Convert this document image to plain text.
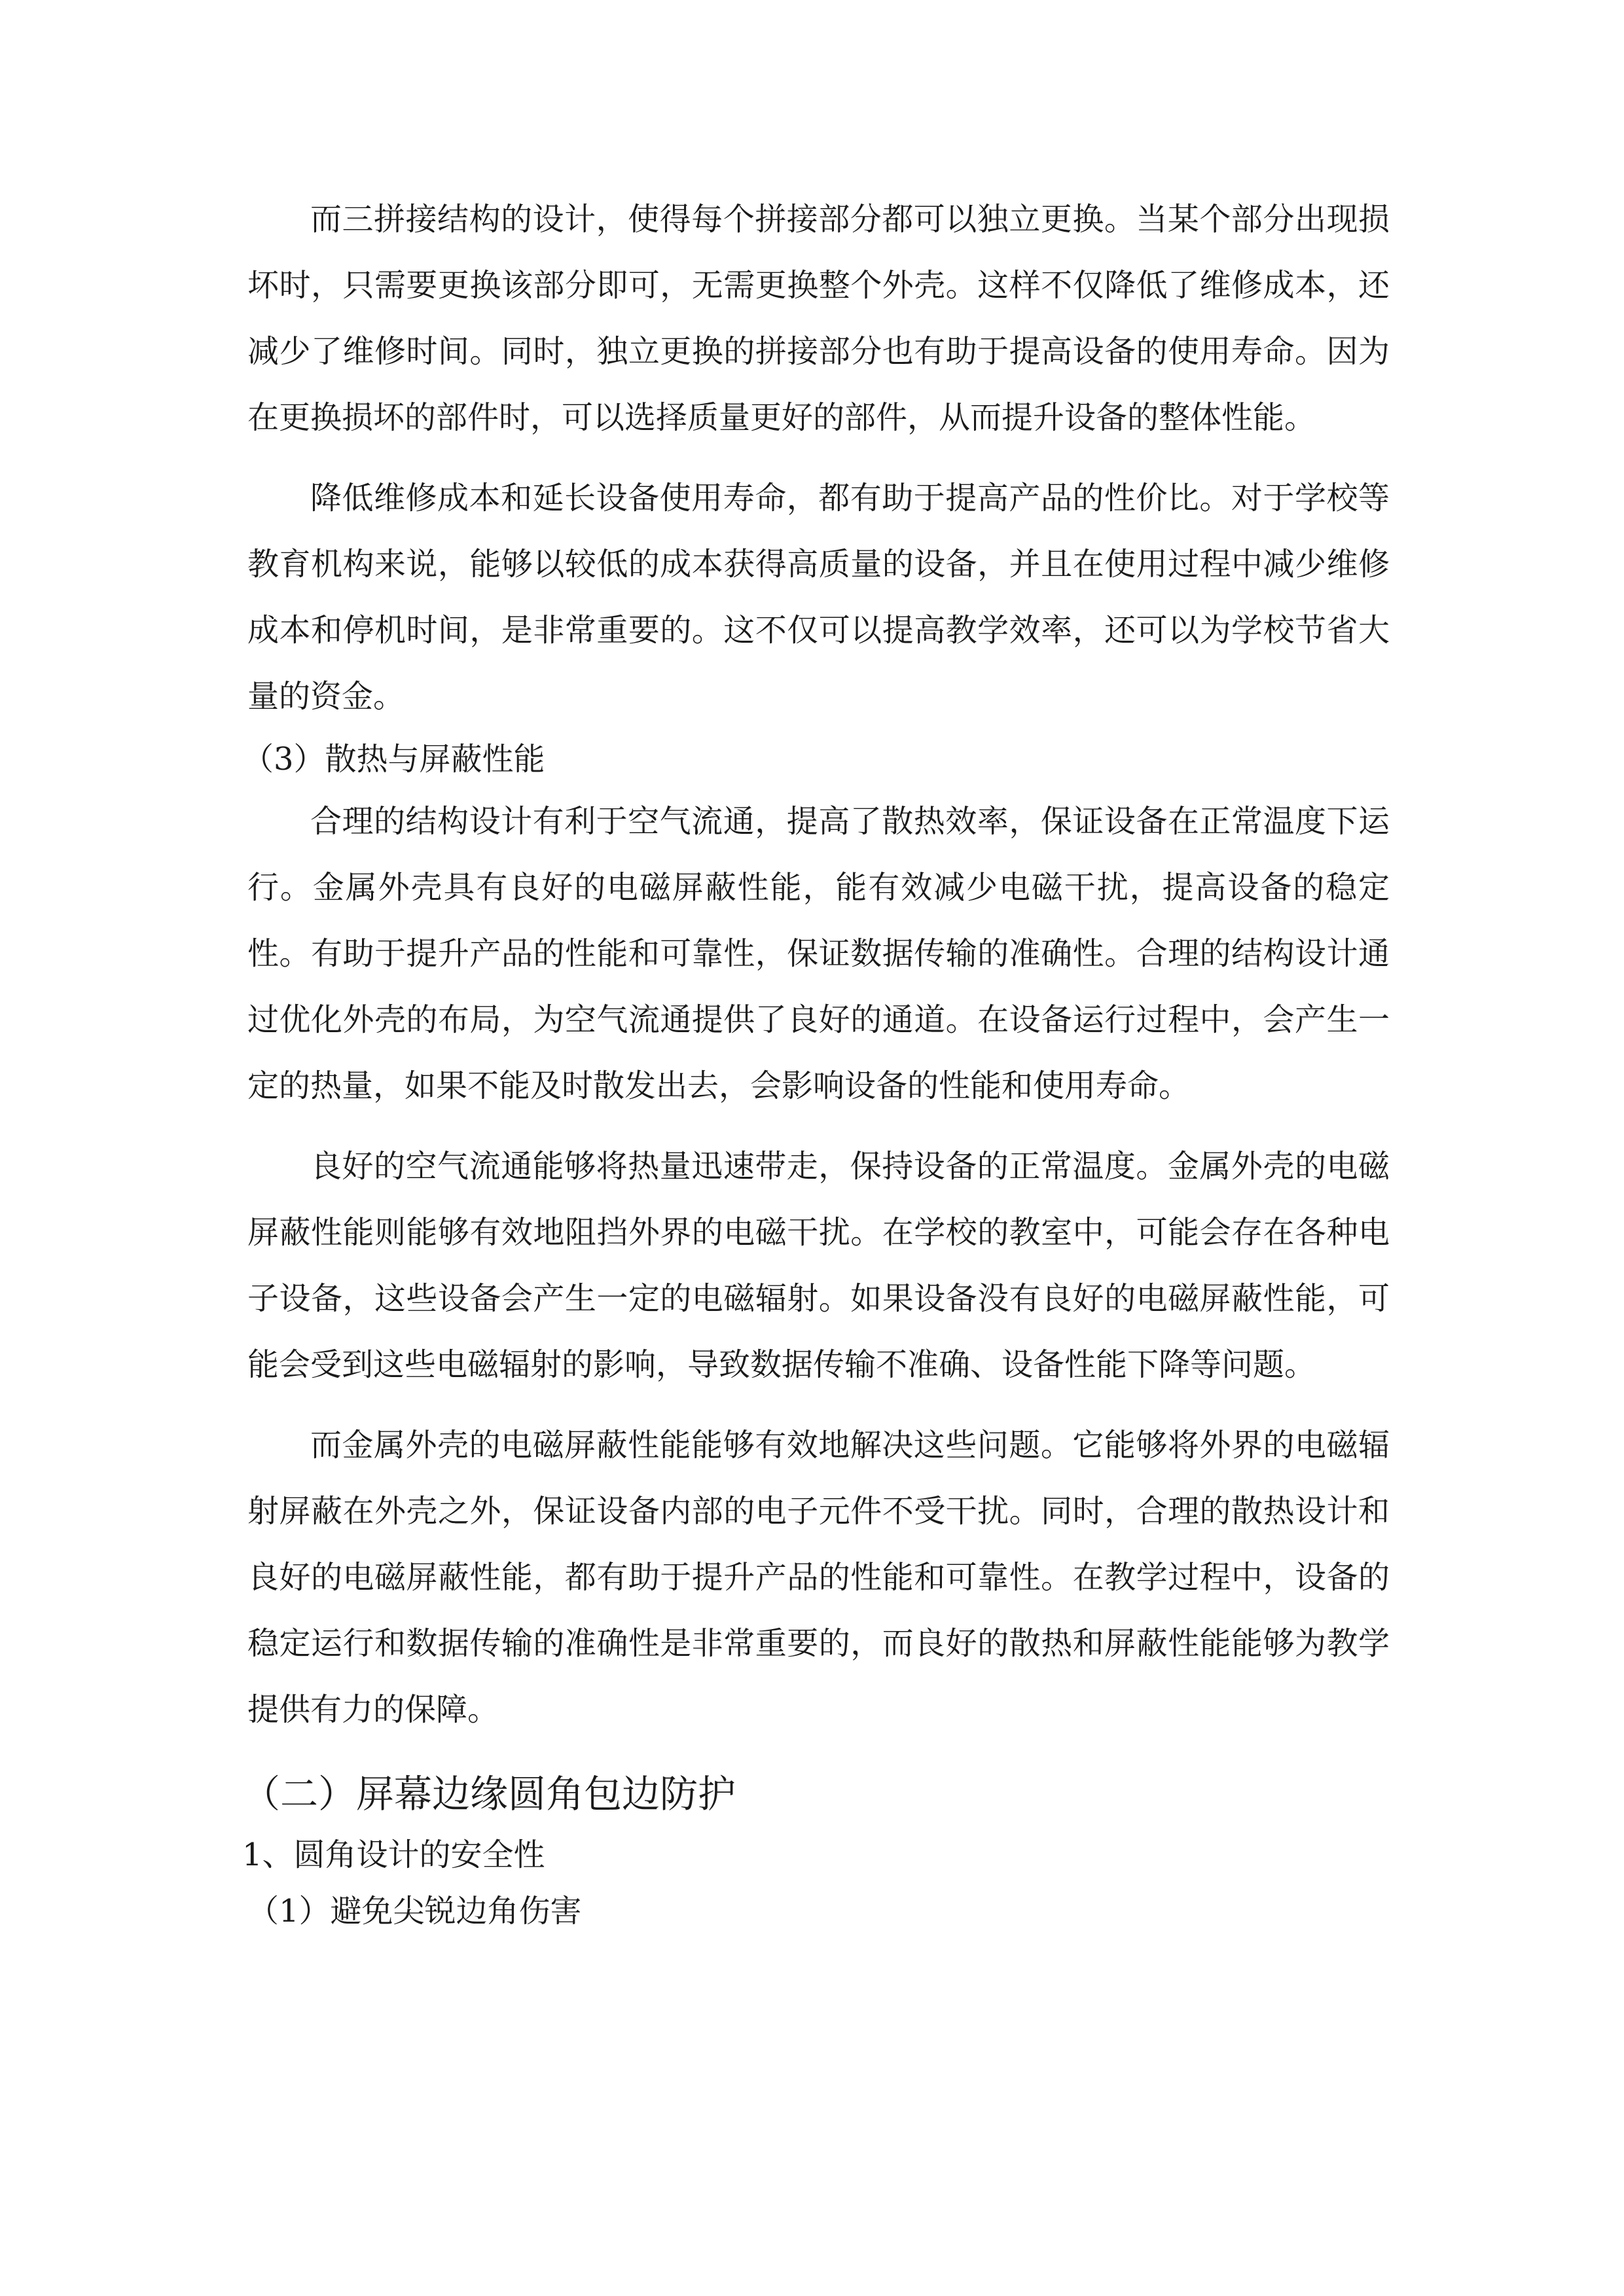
而三拼接结构的设计，使得每个拼接部分都可以独立更换。当某个部分出现损坏时，只需要更换该部分即可，无需更换整个外壳。这样不仅降低了维修成本，还减少了维修时间。同时，独立更换的拼接部分也有助于提高设备的使用寿命。因为在更换损坏的部件时，可以选择质量更好的部件，从而提升设备的整体性能。

降低维修成本和延长设备使用寿命，都有助于提高产品的性价比。对于学校等教育机构来说，能够以较低的成本获得高质量的设备，并且在使用过程中减少维修成本和停机时间，是非常重要的。这不仅可以提高教学效率，还可以为学校节省大量的资金。

（3）散热与屏蔽性能

合理的结构设计有利于空气流通，提高了散热效率，保证设备在正常温度下运行。金属外壳具有良好的电磁屏蔽性能，能有效减少电磁干扰，提高设备的稳定性。有助于提升产品的性能和可靠性，保证数据传输的准确性。合理的结构设计通过优化外壳的布局，为空气流通提供了良好的通道。在设备运行过程中，会产生一定的热量，如果不能及时散发出去，会影响设备的性能和使用寿命。

良好的空气流通能够将热量迅速带走，保持设备的正常温度。金属外壳的电磁屏蔽性能则能够有效地阻挡外界的电磁干扰。在学校的教室中，可能会存在各种电子设备，这些设备会产生一定的电磁辐射。如果设备没有良好的电磁屏蔽性能，可能会受到这些电磁辐射的影响，导致数据传输不准确、设备性能下降等问题。

而金属外壳的电磁屏蔽性能能够有效地解决这些问题。它能够将外界的电磁辐射屏蔽在外壳之外，保证设备内部的电子元件不受干扰。同时，合理的散热设计和良好的电磁屏蔽性能，都有助于提升产品的性能和可靠性。在教学过程中，设备的稳定运行和数据传输的准确性是非常重要的，而良好的散热和屏蔽性能能够为教学提供有力的保障。

（二）屏幕边缘圆角包边防护

1、圆角设计的安全性

（1）避免尖锐边角伤害
